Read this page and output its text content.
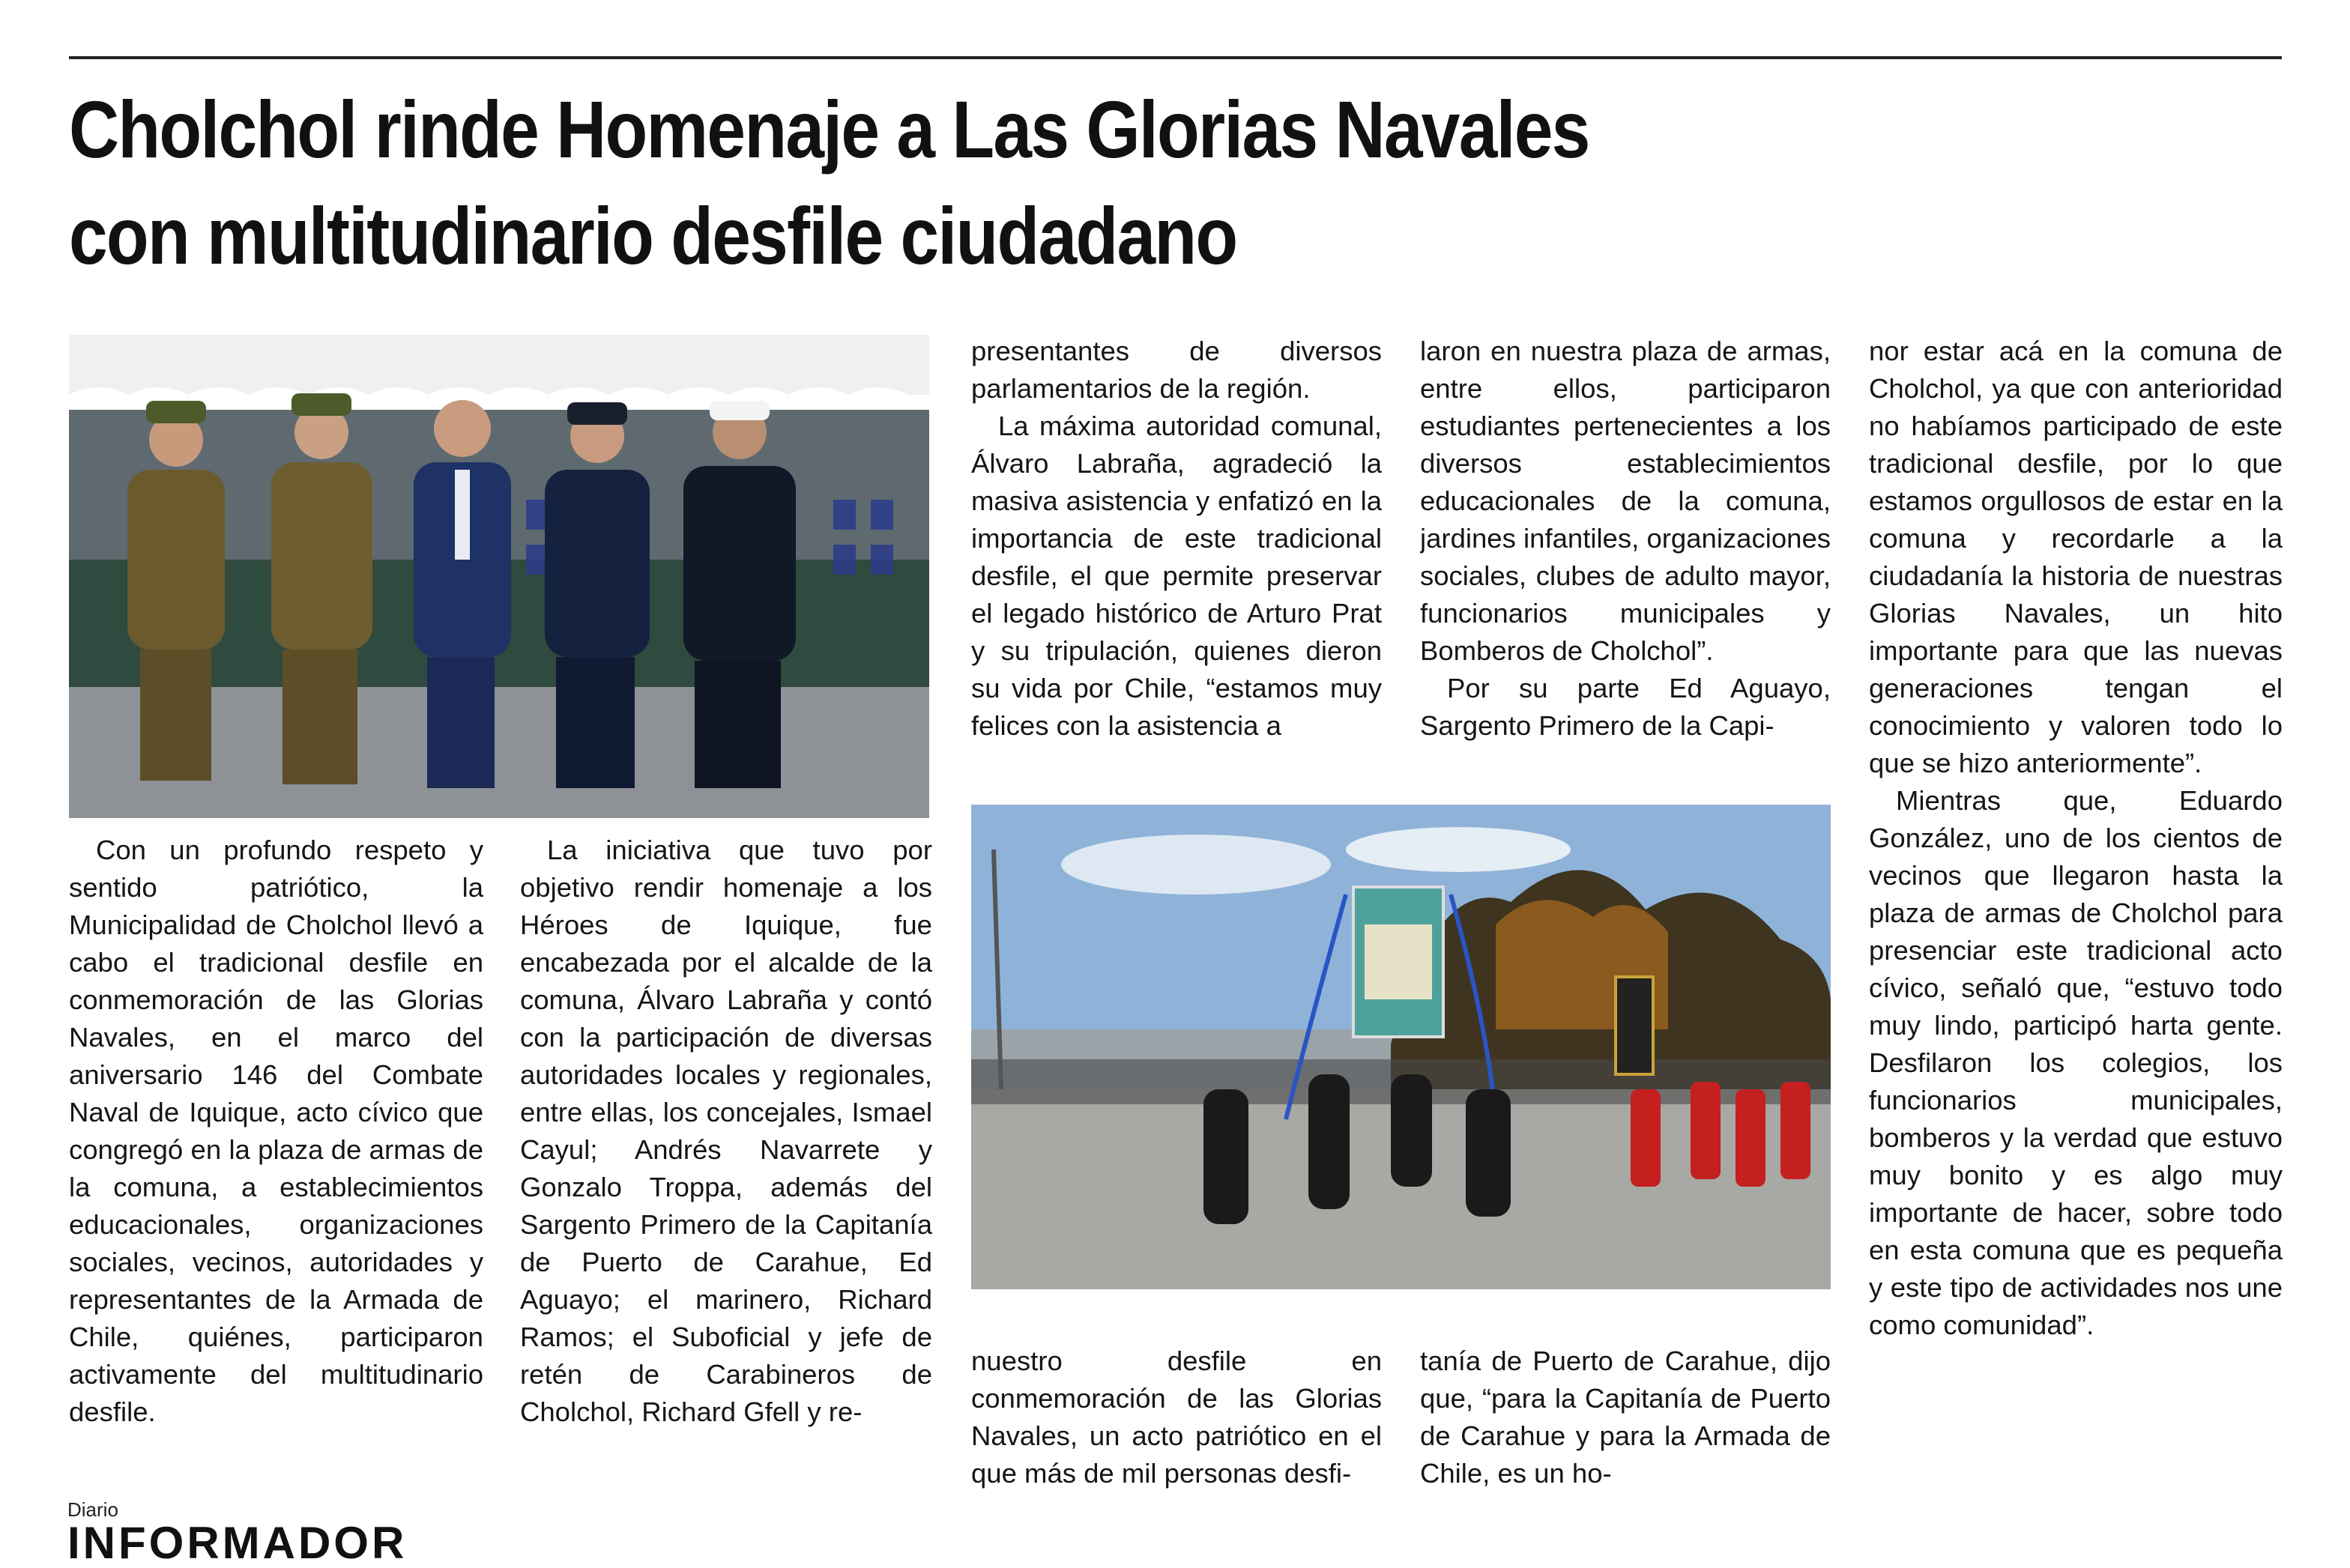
Cholchol rinde Homenaje a Las Glorias Navales
con multitudinario desfile ciudadano

Con un profundo respeto y sentido patriótico, la Municipalidad de Cholchol llevó a cabo el tradicional desfile en conmemoración de las Glorias Navales, en el marco del aniversario 146 del Combate Naval de Iquique, acto cívico que congregó en la plaza de armas de la comuna, a establecimientos educacionales, organizaciones sociales, vecinos, autoridades y representantes de la Armada de Chile, quiénes, participaron activamente del multitudinario desfile.

La iniciativa que tuvo por objetivo rendir homenaje a los Héroes de Iquique, fue encabezada por el alcalde de la comuna, Álvaro Labraña y contó con la participación de diversas autoridades locales y regionales, entre ellas, los concejales, Ismael Cayul; Andrés Navarrete y Gonzalo Troppa, además del Sargento Primero de la Capitanía de Puerto de Carahue, Ed Aguayo; el marinero, Richard Ramos; el Suboficial y jefe de retén de Carabineros de Cholchol, Richard Gfell y re-

presentantes de diversos parlamentarios de la región.

La máxima autoridad comunal, Álvaro Labraña, agradeció la masiva asistencia y enfatizó en la importancia de este tradicional desfile, el que permite preservar el legado histórico de Arturo Prat y su tripulación, quienes dieron su vida por Chile, “estamos muy felices con la asistencia a

laron en nuestra plaza de armas, entre ellos, participaron estudiantes pertenecientes a los diversos establecimientos educacionales de la comuna, jardines infantiles, organizaciones sociales, clubes de adulto mayor, funcionarios municipales y Bomberos de Cholchol”.

Por su parte Ed Aguayo, Sargento Primero de la Capi-

nuestro desfile en conmemoración de las Glorias Navales, un acto patriótico en el que más de mil personas desfi-

tanía de Puerto de Carahue, dijo que, “para la Capitanía de Puerto de Carahue y para la Armada de Chile, es un ho-

nor estar acá en la comuna de Cholchol, ya que con anterioridad no habíamos participado de este tradicional desfile, por lo que estamos orgullosos de estar en la comuna y recordarle a la ciudadanía la historia de nuestras Glorias Navales, un hito importante para que las nuevas generaciones tengan el conocimiento y valoren todo lo que se hizo anteriormente”.

Mientras que, Eduardo González, uno de los cientos de vecinos que llegaron hasta la plaza de armas de Cholchol para presenciar este tradicional acto cívico, señaló que, “estuvo todo muy lindo, participó harta gente. Desfilaron los colegios, los funcionarios municipales, bomberos y la verdad que estuvo muy bonito y es algo muy importante de hacer, sobre todo en esta comuna que es pequeña y este tipo de actividades nos une como comunidad”.

Diario
INFORMADOR
